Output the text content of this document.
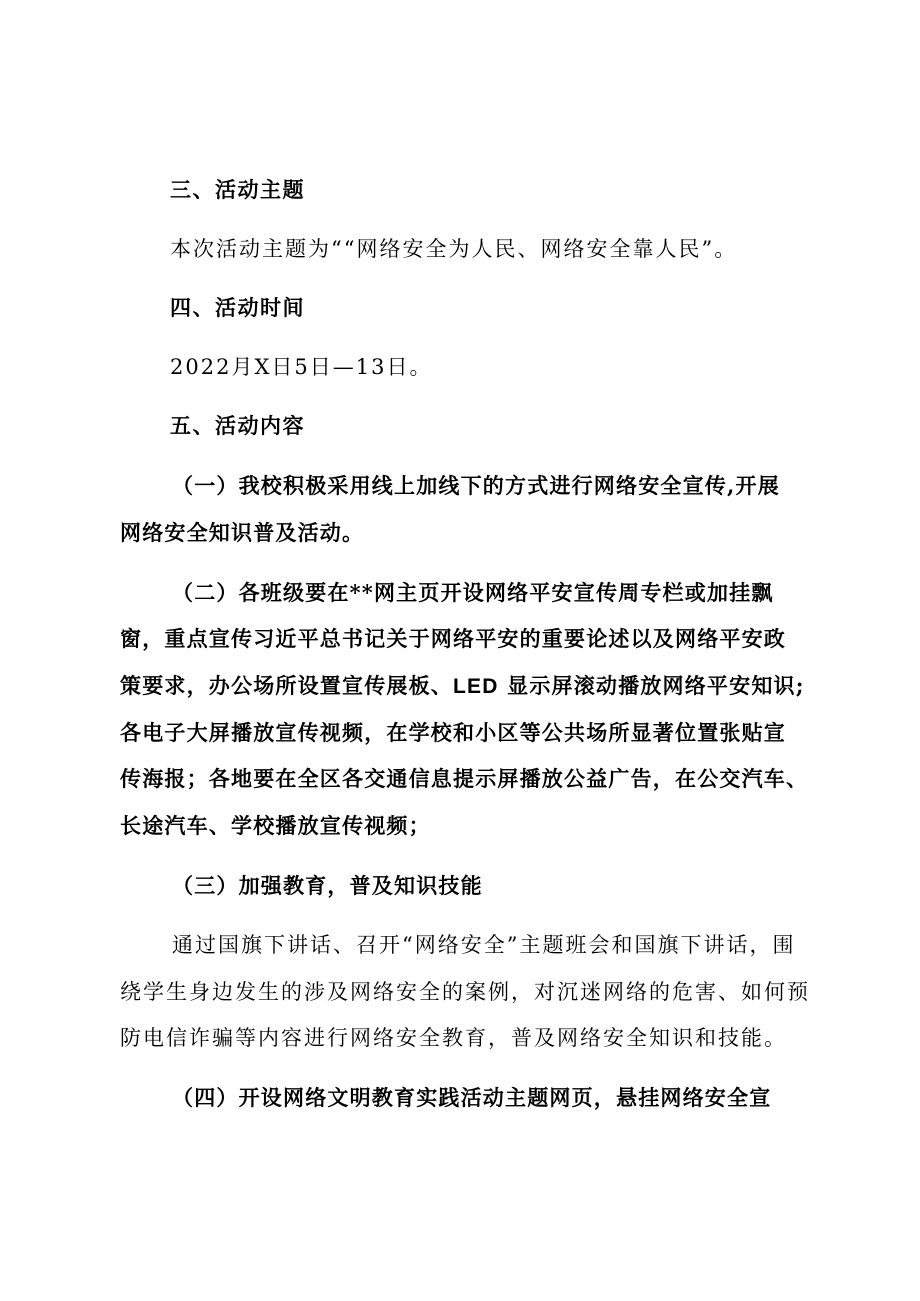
三、活动主题
本次活动主题为““网络安全为人民、网络安全靠人民”。
四、活动时间
2022月X日5日—13日。
五、活动内容
（一）我校积极采用线上加线下的方式进行网络安全宣传,开展
网络安全知识普及活动。
（二）各班级要在**网主页开设网络平安宣传周专栏或加挂飘
窗，重点宣传习近平总书记关于网络平安的重要论述以及网络平安政
策要求，办公场所设置宣传展板、LED 显示屏滚动播放网络平安知识;
各电子大屏播放宣传视频，在学校和小区等公共场所显著位置张贴宣
传海报；各地要在全区各交通信息提示屏播放公益广告，在公交汽车、
长途汽车、学校播放宣传视频；
（三）加强教育，普及知识技能
通过国旗下讲话、召开“网络安全”主题班会和国旗下讲话，围
绕学生身边发生的涉及网络安全的案例，对沉迷网络的危害、如何预
防电信诈骗等内容进行网络安全教育，普及网络安全知识和技能。
（四）开设网络文明教育实践活动主题网页，悬挂网络安全宣
